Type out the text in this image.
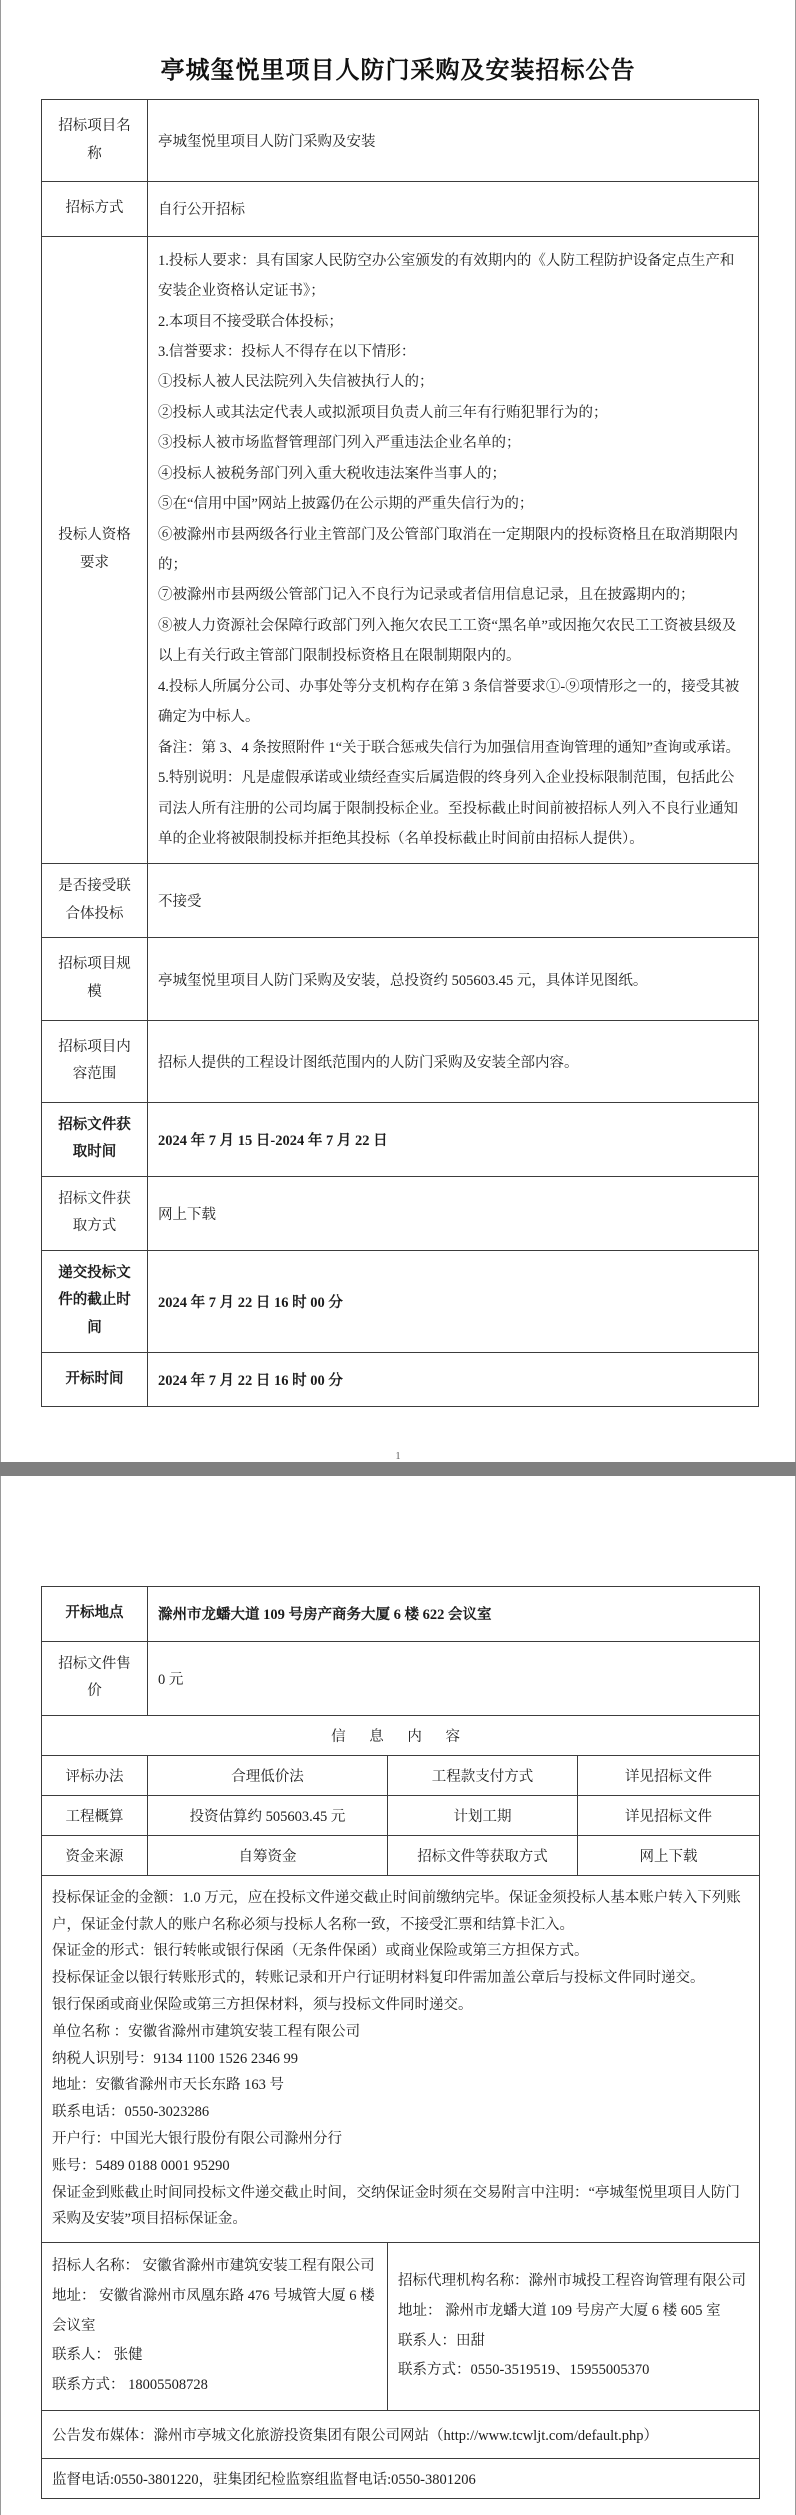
亭城玺悦里项目人防门采购及安装招标公告
招标项目名称	亭城玺悦里项目人防门采购及安装
招标方式	自行公开招标
投标人资格要求	

1.投标人要求：具有国家人民防空办公室颁发的有效期内的《人防工程防护设备定点生产和安装企业资格认定证书》；

2.本项目不接受联合体投标；

3.信誉要求：投标人不得存在以下情形：

①投标人被人民法院列入失信被执行人的；

②投标人或其法定代表人或拟派项目负责人前三年有行贿犯罪行为的；

③投标人被市场监督管理部门列入严重违法企业名单的；

④投标人被税务部门列入重大税收违法案件当事人的；

⑤在“信用中国”网站上披露仍在公示期的严重失信行为的；

⑥被滁州市县两级各行业主管部门及公管部门取消在一定期限内的投标资格且在取消期限内的；

⑦被滁州市县两级公管部门记入不良行为记录或者信用信息记录，且在披露期内的；

⑧被人力资源社会保障行政部门列入拖欠农民工工资“黑名单”或因拖欠农民工工资被县级及以上有关行政主管部门限制投标资格且在限制期限内的。

4.投标人所属分公司、办事处等分支机构存在第 3 条信誉要求①-⑨项情形之一的，接受其被确定为中标人。

备注：第 3、4 条按照附件 1“关于联合惩戒失信行为加强信用查询管理的通知”查询或承诺。

5.特别说明：凡是虚假承诺或业绩经查实后属造假的终身列入企业投标限制范围，包括此公司法人所有注册的公司均属于限制投标企业。至投标截止时间前被招标人列入不良行业通知单的企业将被限制投标并拒绝其投标（名单投标截止时间前由招标人提供）。

是否接受联合体投标	不接受
招标项目规模	亭城玺悦里项目人防门采购及安装，总投资约 505603.45 元，具体详见图纸。
招标项目内容范围	招标人提供的工程设计图纸范围内的人防门采购及安装全部内容。
招标文件获取时间	2024 年 7 月 15 日-2024 年 7 月 22 日
招标文件获取方式	网上下载
递交投标文件的截止时间	2024 年 7 月 22 日 16 时 00 分
开标时间	2024 年 7 月 22 日 16 时 00 分
1
开标地点	滁州市龙蟠大道 109 号房产商务大厦 6 楼 622 会议室		
招标文件售价	0 元		
信 息 内 容			
评标办法	合理低价法	工程款支付方式	详见招标文件
工程概算	投资估算约 505603.45 元	计划工期	详见招标文件
资金来源	自筹资金	招标文件等获取方式	网上下载

投标保证金的金额：1.0 万元，应在投标文件递交截止时间前缴纳完毕。保证金须投标人基本账户转入下列账户，保证金付款人的账户名称必须与投标人名称一致，不接受汇票和结算卡汇入。

保证金的形式：银行转帐或银行保函（无条件保函）或商业保险或第三方担保方式。

投标保证金以银行转账形式的，转账记录和开户行证明材料复印件需加盖公章后与投标文件同时递交。

银行保函或商业保险或第三方担保材料，须与投标文件同时递交。

单位名称 ：安徽省滁州市建筑安装工程有限公司

纳税人识别号：9134 1100 1526 2346 99

地址：安徽省滁州市天长东路 163 号

联系电话：0550-3023286

开户行：中国光大银行股份有限公司滁州分行

账号：5489 0188 0001 95290

保证金到账截止时间同投标文件递交截止时间，交纳保证金时须在交易附言中注明：“亭城玺悦里项目人防门采购及安装”项目招标保证金。

招标人名称： 安徽省滁州市建筑安装工程有限公司

地址： 安徽省滁州市凤凰东路 476 号城管大厦 6 楼会议室

联系人： 张健

联系方式： 18005508728

招标代理机构名称：滁州市城投工程咨询管理有限公司

地址： 滁州市龙蟠大道 109 号房产大厦 6 楼 605 室

联系人：田甜

联系方式：0550-3519519、15955005370

公告发布媒体：滁州市亭城文化旅游投资集团有限公司网站（http://www.tcwljt.com/default.php）			
监督电话:0550-3801220，驻集团纪检监察组监督电话:0550-3801206			
